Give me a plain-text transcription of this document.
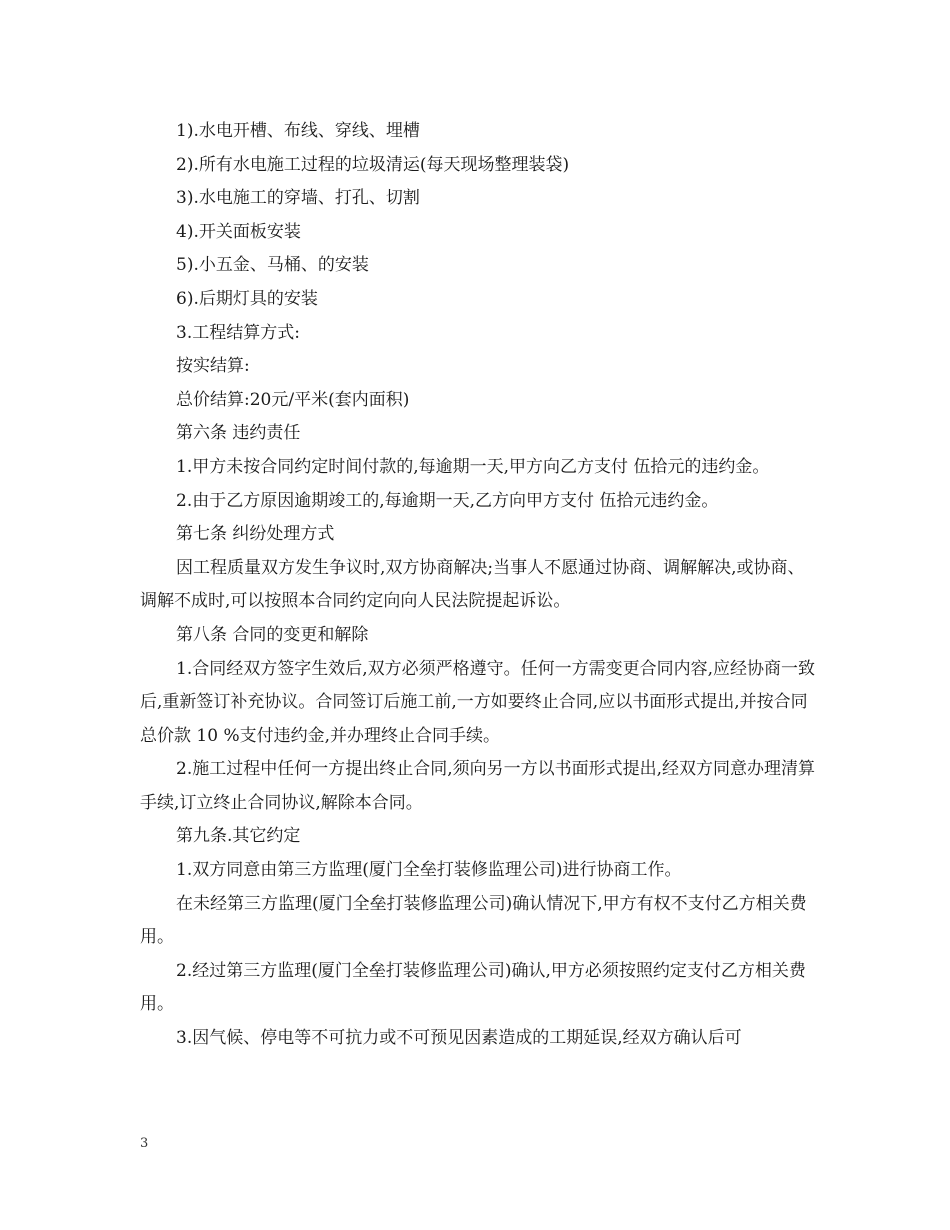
1).水电开槽、布线、穿线、埋槽

2).所有水电施工过程的垃圾清运(每天现场整理装袋)

3).水电施工的穿墙、打孔、切割

4).开关面板安装

5).小五金、马桶、的安装

6).后期灯具的安装

3.工程结算方式:

按实结算:

总价结算:20元/平米(套内面积)

第六条 违约责任

1.甲方未按合同约定时间付款的,每逾期一天,甲方向乙方支付 伍拾元的违约金。

2.由于乙方原因逾期竣工的,每逾期一天,乙方向甲方支付 伍拾元违约金。

第七条 纠纷处理方式

因工程质量双方发生争议时,双方协商解决;当事人不愿通过协商、调解解决,或协商、调解不成时,可以按照本合同约定向向人民法院提起诉讼。

第八条 合同的变更和解除

1.合同经双方签字生效后,双方必须严格遵守。任何一方需变更合同内容,应经协商一致后,重新签订补充协议。合同签订后施工前,一方如要终止合同,应以书面形式提出,并按合同总价款 10 %支付违约金,并办理终止合同手续。

2.施工过程中任何一方提出终止合同,须向另一方以书面形式提出,经双方同意办理清算手续,订立终止合同协议,解除本合同。

第九条.其它约定

1.双方同意由第三方监理(厦门全垒打装修监理公司)进行协商工作。

在未经第三方监理(厦门全垒打装修监理公司)确认情况下,甲方有权不支付乙方相关费用。

2.经过第三方监理(厦门全垒打装修监理公司)确认,甲方必须按照约定支付乙方相关费用。

3.因气候、停电等不可抗力或不可预见因素造成的工期延误,经双方确认后可

3
